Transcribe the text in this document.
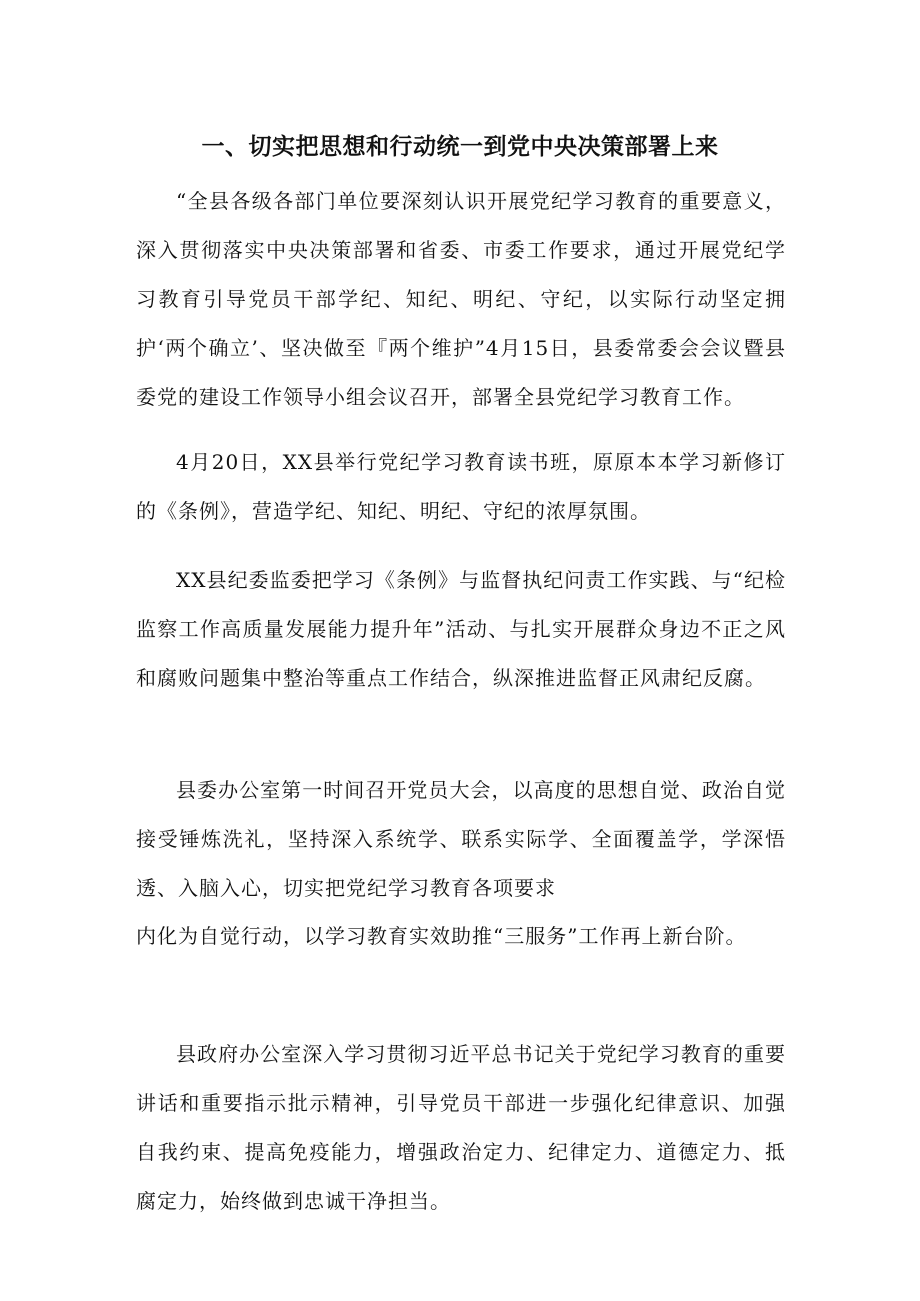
一、切实把思想和行动统一到党中央决策部署上来

“全县各级各部门单位要深刻认识开展党纪学习教育的重要意义，深入贯彻落实中央决策部署和省委、市委工作要求，通过开展党纪学习教育引导党员干部学纪、知纪、明纪、守纪，以实际行动坚定拥护‘两个确立’、坚决做至『两个维护”4月15日，县委常委会会议暨县委党的建设工作领导小组会议召开，部署全县党纪学习教育工作。

4月20日，XX县举行党纪学习教育读书班，原原本本学习新修订的《条例》，营造学纪、知纪、明纪、守纪的浓厚氛围。

XX县纪委监委把学习《条例》与监督执纪问责工作实践、与“纪检监察工作高质量发展能力提升年”活动、与扎实开展群众身边不正之风和腐败问题集中整治等重点工作结合，纵深推进监督正风肃纪反腐。

县委办公室第一时间召开党员大会，以高度的思想自觉、政治自觉接受锤炼洗礼，坚持深入系统学、联系实际学、全面覆盖学，学深悟透、入脑入心，切实把党纪学习教育各项要求

内化为自觉行动，以学习教育实效助推“三服务”工作再上新台阶。

县政府办公室深入学习贯彻习近平总书记关于党纪学习教育的重要讲话和重要指示批示精神，引导党员干部进一步强化纪律意识、加强自我约束、提高免疫能力，增强政治定力、纪律定力、道德定力、抵腐定力，始终做到忠诚干净担当。
